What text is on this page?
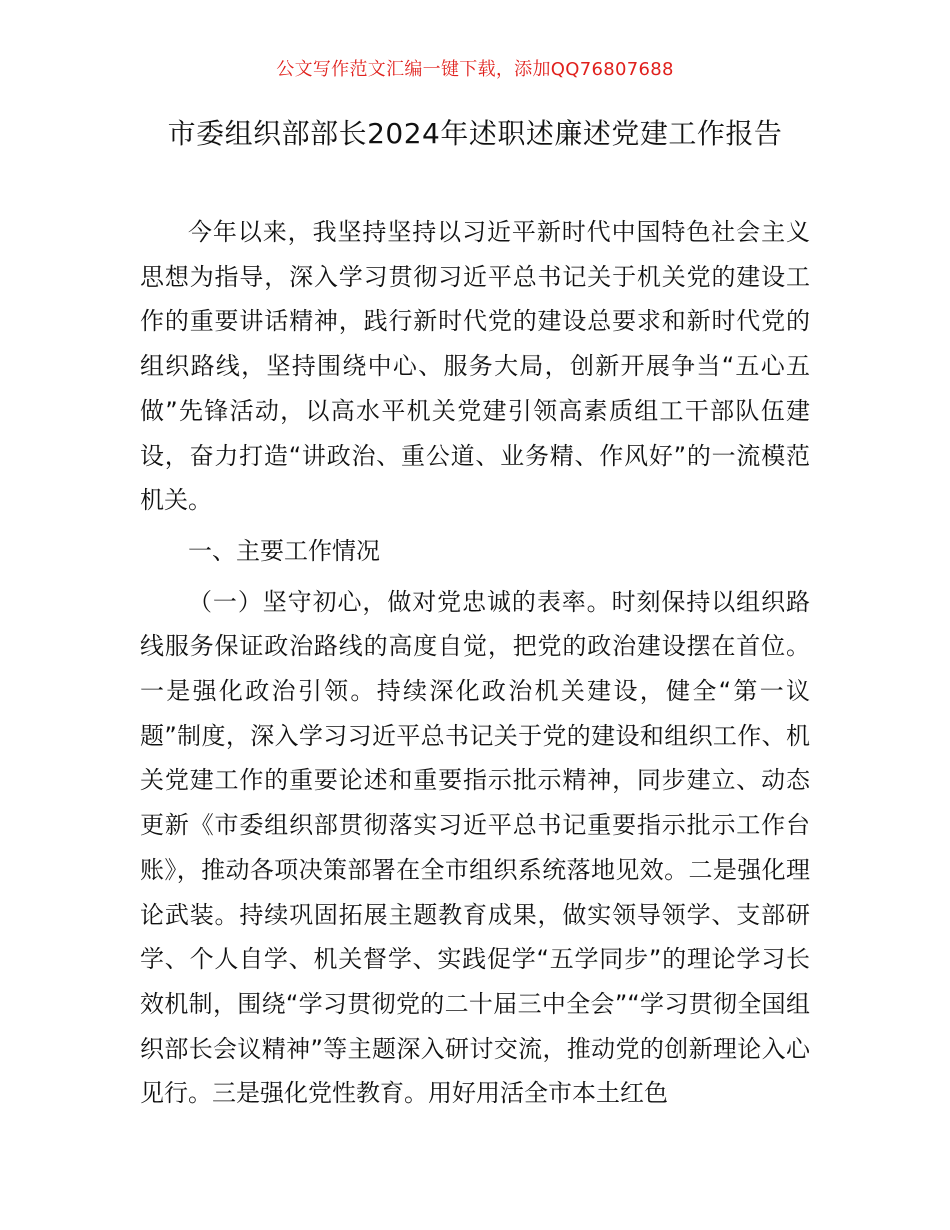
公文写作范文汇编一键下载，添加QQ76807688
市委组织部部长2024年述职述廉述党建工作报告

今年以来，我坚持坚持以习近平新时代中国特色社会主义思想为指导，深入学习贯彻习近平总书记关于机关党的建设工作的重要讲话精神，践行新时代党的建设总要求和新时代党的组织路线，坚持围绕中心、服务大局，创新开展争当“五心五做”先锋活动，以高水平机关党建引领高素质组工干部队伍建设，奋力打造“讲政治、重公道、业务精、作风好”的一流模范机关。

一、主要工作情况

（一）坚守初心，做对党忠诚的表率。时刻保持以组织路线服务保证政治路线的高度自觉，把党的政治建设摆在首位。一是强化政治引领。持续深化政治机关建设，健全“第一议题”制度，深入学习习近平总书记关于党的建设和组织工作、机关党建工作的重要论述和重要指示批示精神，同步建立、动态更新《市委组织部贯彻落实习近平总书记重要指示批示工作台账》，推动各项决策部署在全市组织系统落地见效。二是强化理论武装。持续巩固拓展主题教育成果，做实领导领学、支部研学、个人自学、机关督学、实践促学“五学同步”的理论学习长效机制，围绕“学习贯彻党的二十届三中全会”“学习贯彻全国组织部长会议精神”等主题深入研讨交流，推动党的创新理论入心见行。三是强化党性教育。用好用活全市本土红色
